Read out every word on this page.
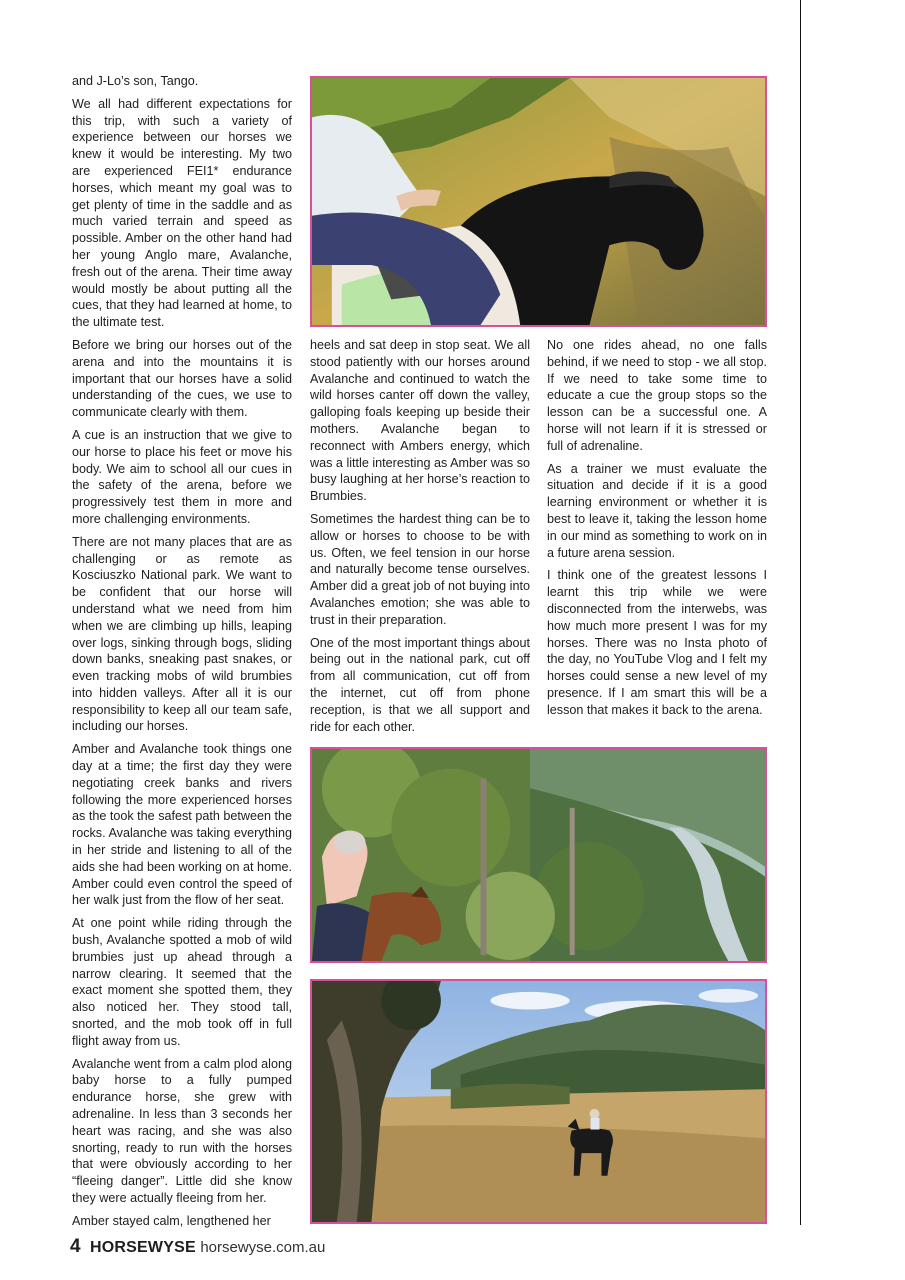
and J-Lo’s son, Tango.

We all had different expectations for this trip, with such a variety of experience between our horses we knew it would be interesting. My two are experienced FEI1* endurance horses, which meant my goal was to get plenty of time in the saddle and as much varied terrain and speed as possible. Amber on the other hand had her young Anglo mare, Avalanche, fresh out of the arena. Their time away would mostly be about putting all the cues, that they had learned at home, to the ultimate test.

Before we bring our horses out of the arena and into the mountains it is important that our horses have a solid understanding of the cues, we use to communicate clearly with them.

A cue is an instruction that we give to our horse to place his feet or move his body. We aim to school all our cues in the safety of the arena, before we progressively test them in more and more challenging environments.

There are not many places that are as challenging or as remote as Kosciuszko National park. We want to be confident that our horse will understand what we need from him when we are climbing up hills, leaping over logs, sinking through bogs, sliding down banks, sneaking past snakes, or even tracking mobs of wild brumbies into hidden valleys. After all it is our responsibility to keep all our team safe, including our horses.

Amber and Avalanche took things one day at a time; the first day they were negotiating creek banks and rivers following the more experienced horses as the took the safest path between the rocks. Avalanche was taking everything in her stride and listening to all of the aids she had been working on at home. Amber could even control the speed of her walk just from the flow of her seat.

At one point while riding through the bush, Avalanche spotted a mob of wild brumbies just up ahead through a narrow clearing. It seemed that the exact moment she spotted them, they also noticed her. They stood tall, snorted, and the mob took off in full flight away from us.

Avalanche went from a calm plod along baby horse to a fully pumped endurance horse, she grew with adrenaline. In less than 3 seconds her heart was racing, and she was also snorting, ready to run with the horses that were obviously according to her “fleeing danger”. Little did she know they were actually fleeing from her.

Amber stayed calm, lengthened her

heels and sat deep in stop seat. We all stood patiently with our horses around Avalanche and continued to watch the wild horses canter off down the valley, galloping foals keeping up beside their mothers. Avalanche began to reconnect with Ambers energy, which was a little interesting as Amber was so busy laughing at her horse’s reaction to Brumbies.

Sometimes the hardest thing can be to allow or horses to choose to be with us. Often, we feel tension in our horse and naturally become tense ourselves. Amber did a great job of not buying into Avalanches emotion; she was able to trust in their preparation.

One of the most important things about being out in the national park, cut off from all communication, cut off from the internet, cut off from phone reception, is that we all support and ride for each other.

No one rides ahead, no one falls behind, if we need to stop - we all stop. If we need to take some time to educate a cue the group stops so the lesson can be a successful one. A horse will not learn if it is stressed or full of adrenaline.

As a trainer we must evaluate the situation and decide if it is a good learning environment or whether it is best to leave it, taking the lesson home in our mind as something to work on in a future arena session.

I think one of the greatest lessons I learnt this trip while we were disconnected from the interwebs, was how much more present I was for my horses. There was no Insta photo of the day, no YouTube Vlog and I felt my horses could sense a new level of my presence. If I am smart this will be a lesson that makes it back to the arena.

4 HORSEWYSE horsewyse.com.au
